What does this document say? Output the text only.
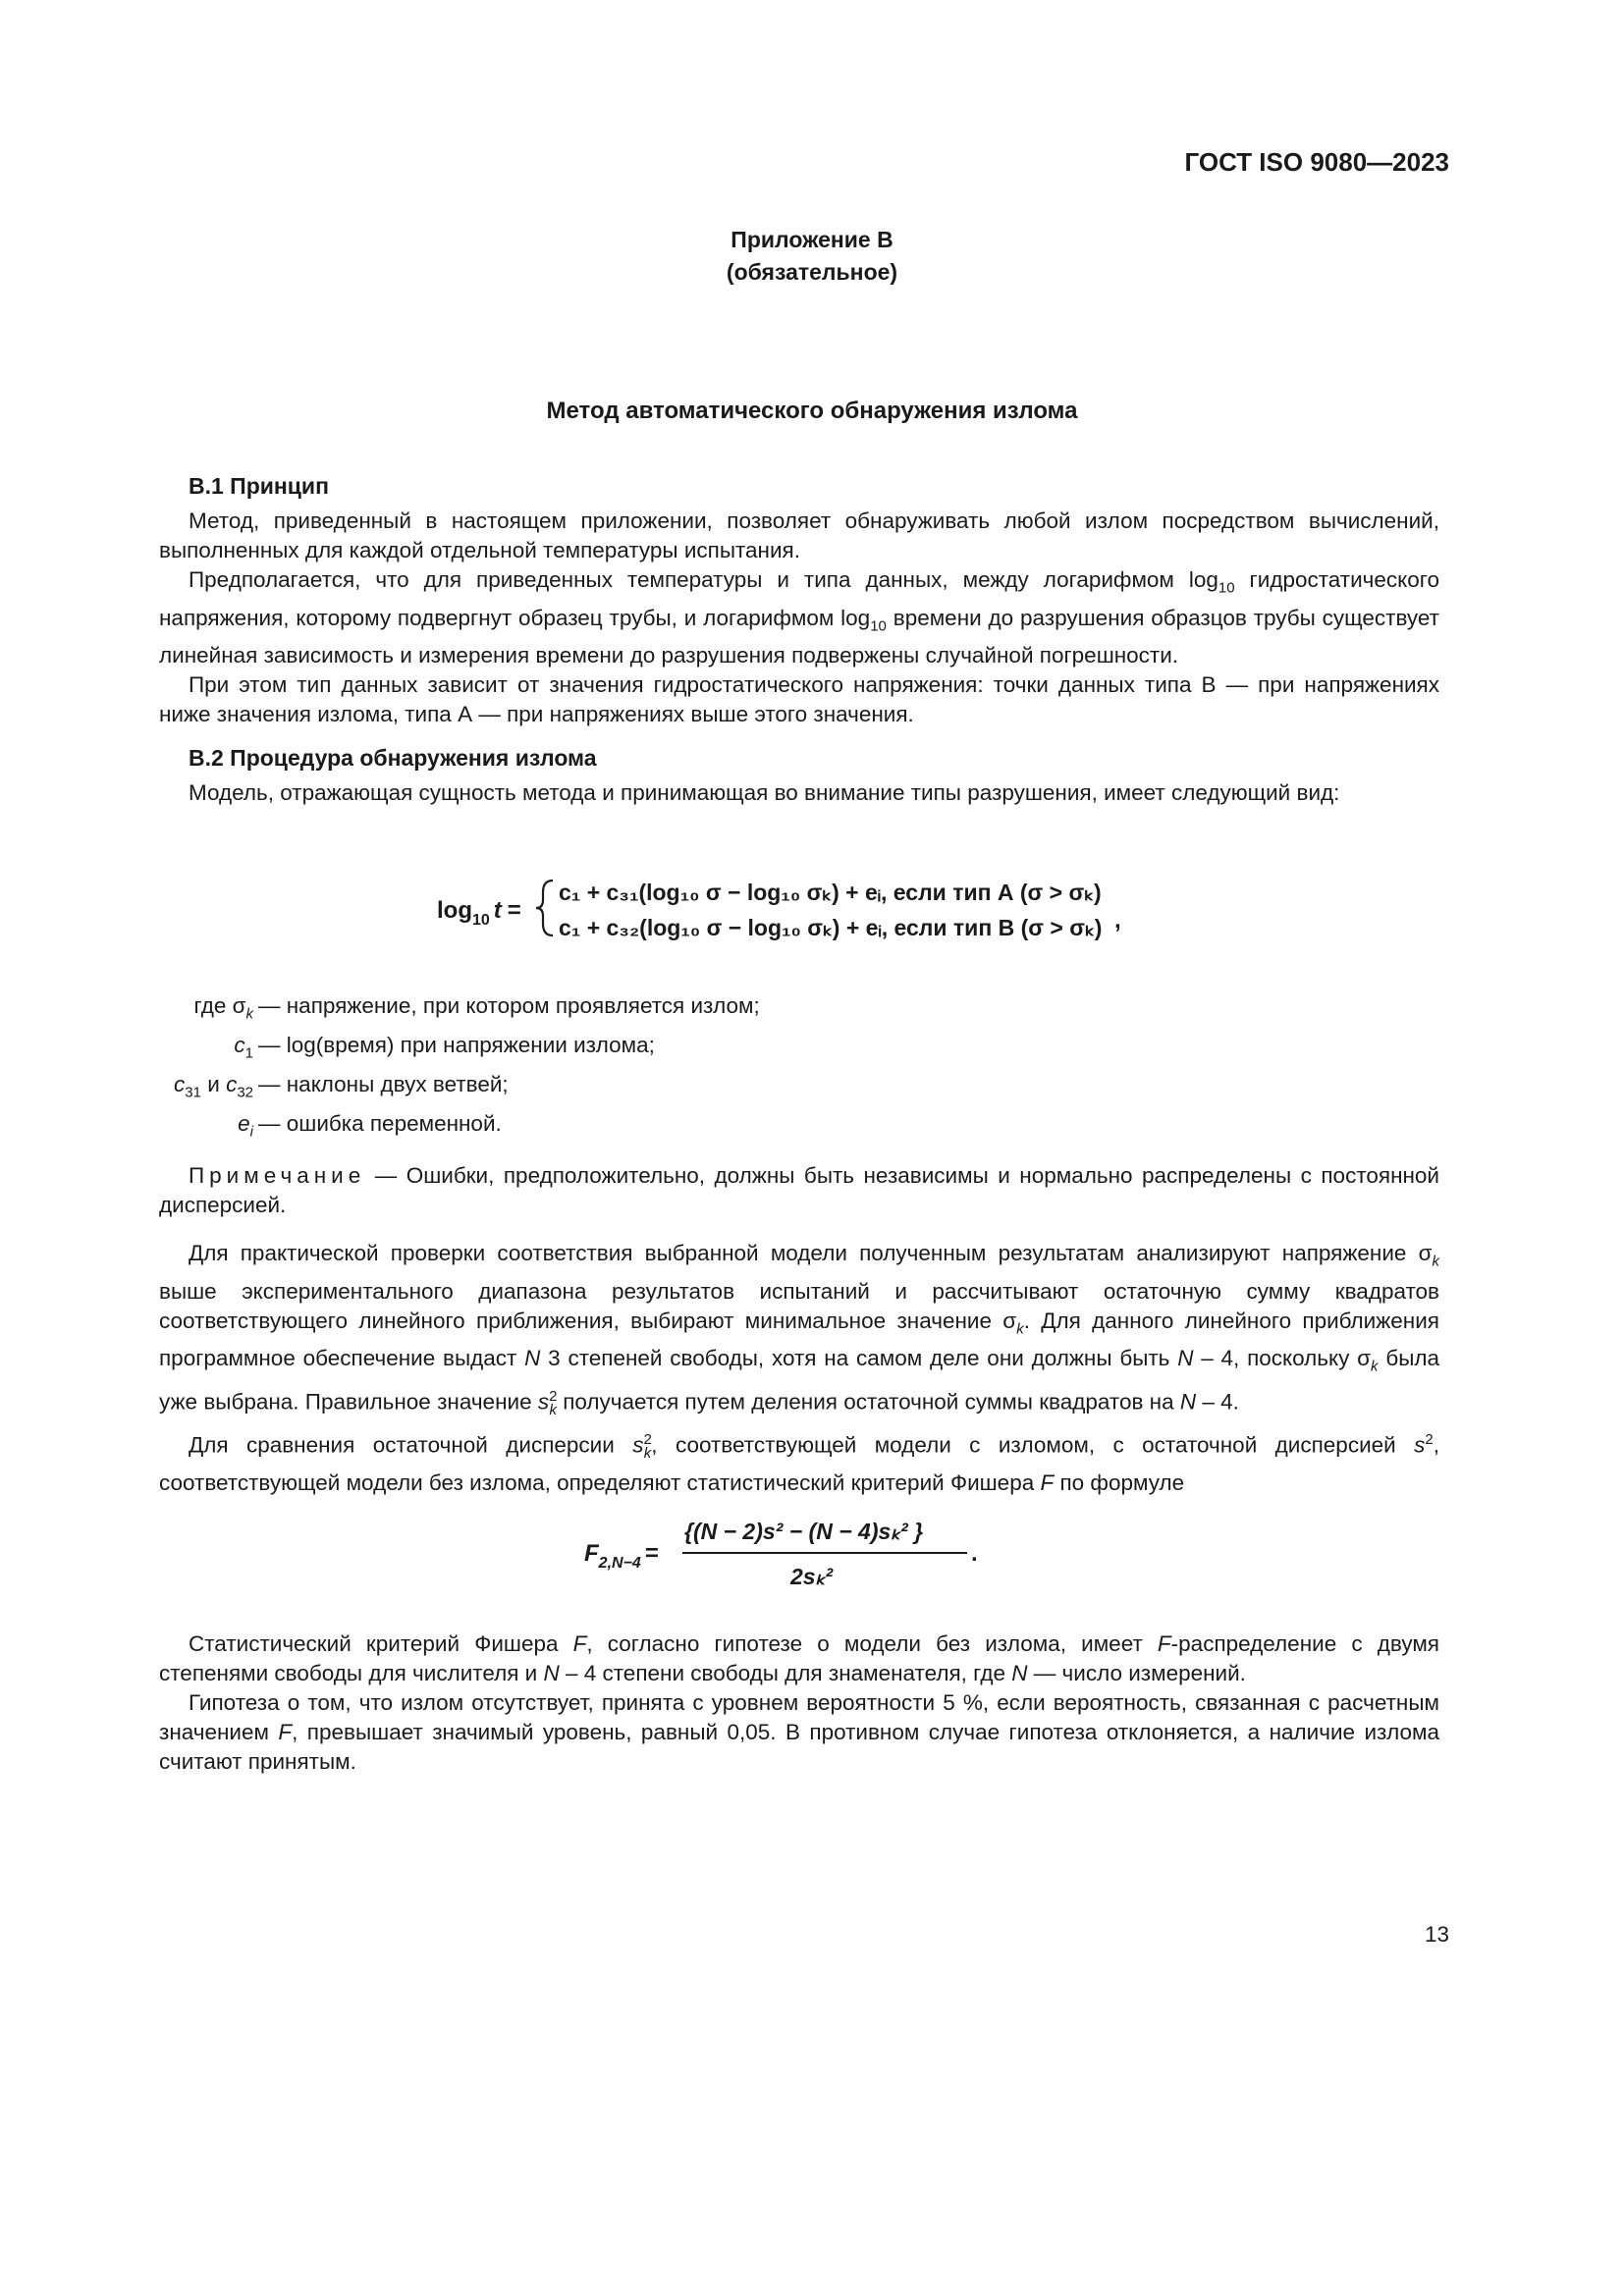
ГОСТ ISO 9080—2023
Приложение В
(обязательное)
Метод автоматического обнаружения излома
В.1 Принцип

Метод, приведенный в настоящем приложении, позволяет обнаруживать любой излом посредством вычислений, выполненных для каждой отдельной температуры испытания.

Предполагается, что для приведенных температуры и типа данных, между логарифмом $\log_{10}$ гидростатического напряжения, которому подвергнут образец трубы, и логарифмом $\log_{10}$ времени до разрушения образцов трубы существует линейная зависимость и измерения времени до разрушения подвержены случайной погрешности.

При этом тип данных зависит от значения гидростатического напряжения: точки данных типа В — при напряжениях ниже значения излома, типа А — при напряжениях выше этого значения.

В.2 Процедура обнаружения излома

Модель, отражающая сущность метода и принимающая во внимание типы разрушения, имеет следующий вид:

$\log_{10} t$ =
c₁ + c₃₁(log₁₀ σ − log₁₀ σₖ) + eᵢ, если тип А (σ > σₖ)
c₁ + c₃₂(log₁₀ σ − log₁₀ σₖ) + eᵢ, если тип В (σ > σₖ) ,
где $\sigma_k$ — напряжение, при котором проявляется излом;
$c_1$ — log(время) при напряжении излома;
$c_{31}$ и $c_{32}$ — наклоны двух ветвей;
$e_i$ — ошибка переменной.
Примечание — Ошибки, предположительно, должны быть независимы и нормально распределены с постоянной дисперсией.

Для практической проверки соответствия выбранной модели полученным результатам анализируют напряжение $\sigma_k$ выше экспериментального диапазона результатов испытаний и рассчитывают остаточную сумму квадратов соответствующего линейного приближения, выбирают минимальное значение $\sigma_k$. Для данного линейного приближения программное обеспечение выдаст N 3 степеней свободы, хотя на самом деле они должны быть N – 4, поскольку $\sigma_k$ была уже выбрана. Правильное значение $s^2_k$ получается путем деления остаточной суммы квадратов на N – 4.

Для сравнения остаточной дисперсии $s^2_k$, соответствующей модели с изломом, с остаточной дисперсией $s^2$, соответствующей модели без излома, определяют статистический критерий Фишера F по формуле

$F_{2,N-4}$ =
{(N − 2)s² − (N − 4)sₖ² }
2sₖ²
.

Статистический критерий Фишера F, согласно гипотезе о модели без излома, имеет F-распределение с двумя степенями свободы для числителя и N – 4 степени свободы для знаменателя, где N — число измерений.

Гипотеза о том, что излом отсутствует, принята с уровнем вероятности 5 %, если вероятность, связанная с расчетным значением F, превышает значимый уровень, равный 0,05. В противном случае гипотеза отклоняется, а наличие излома считают принятым.

13
